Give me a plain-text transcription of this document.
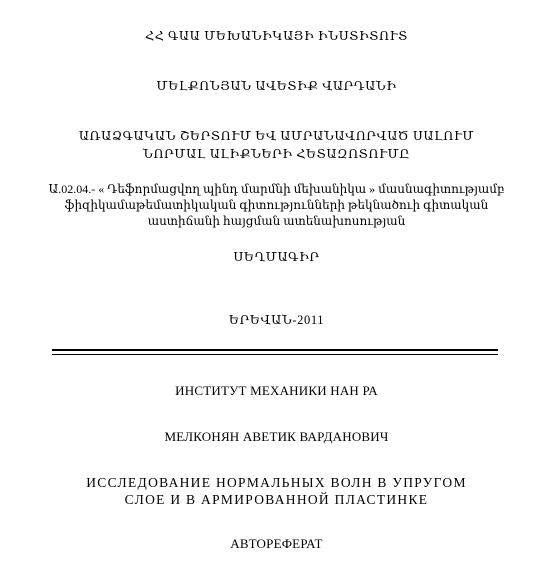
ՀՀ ԳԱԱ ՄԵԽԱՆԻԿԱՅԻ ԻՆՍՏԻՏՈՒՏ
ՄԵԼՔՈՆՅԱՆ ԱՎԵՏԻՔ ՎԱՐԴԱՆԻ
ԱՌԱՁԳԱԿԱՆ ՇԵՐՏՈՒՄ ԵՎ ԱՄՐԱՆԱՎՈՐՎԱԾ ՍԱԼՈՒՄ
ՆՈՐՄԱԼ ԱԼԻՔՆԵՐԻ ՀԵՏԱԶՈՏՈՒՄԸ
Ա.02.04.- « Դեֆորմացվող պինդ մարմնի մեխանիկա » մասնագիտությամբ
ֆիզիկամաթեմատիկական գիտությունների թեկնածուի գիտական
աստիճանի հայցման ատենախոսության
ՍԵՂՄԱԳԻՐ
ԵՐԵՎԱՆ-2011
ИНСТИТУТ МЕХАНИКИ НАН РА
МЕЛКОНЯН АВЕТИК ВАРДАНОВИЧ
ИССЛЕДОВАНИЕ НОРМАЛЬНЫХ ВОЛН В УПРУГОМ
СЛОЕ И В АРМИРОВАННОЙ ПЛАСТИНКЕ
АВТОРЕФЕРАТ
